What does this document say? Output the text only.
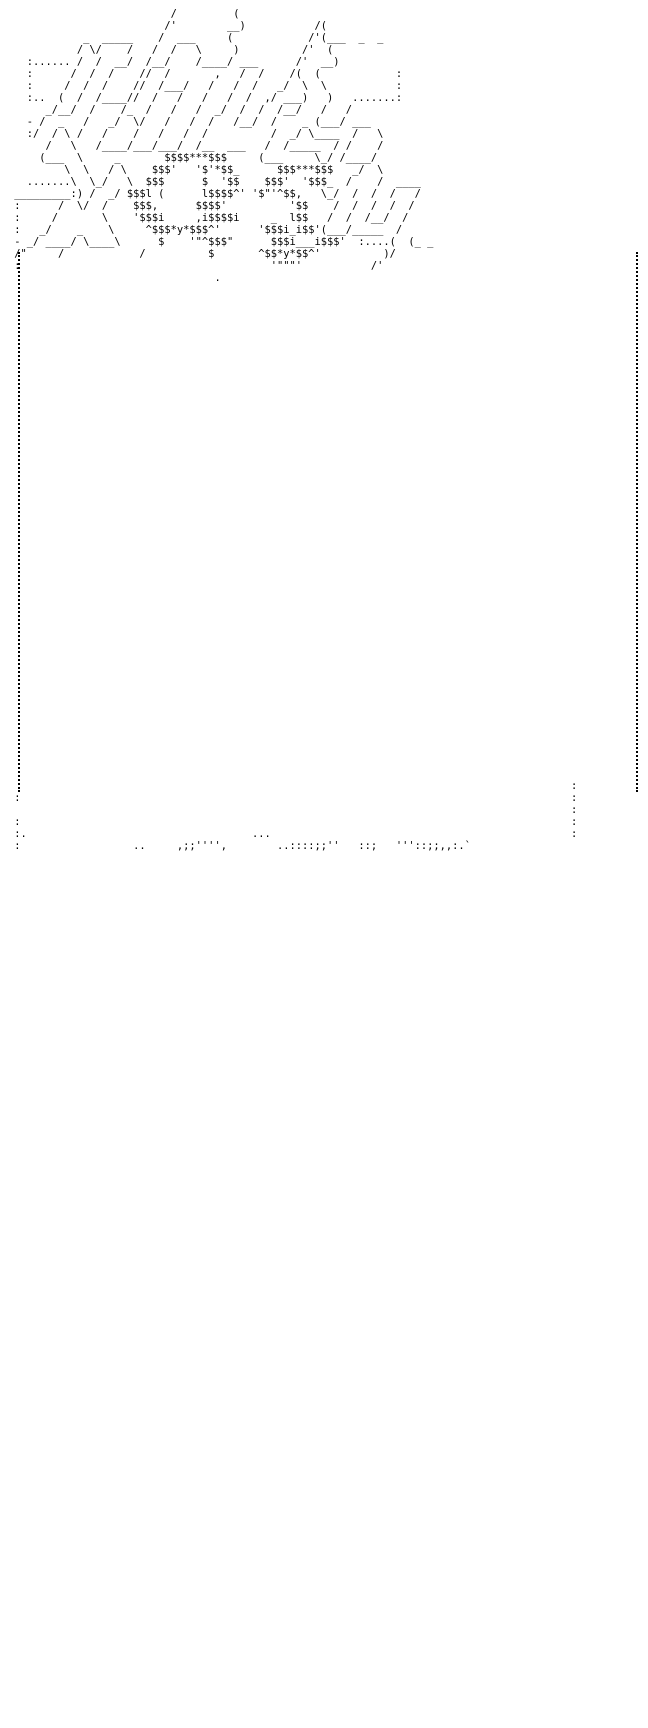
/         (
/'        __)           /(
_  _____    /  ___     (            /'(___  _  _
/ \/    /   /  /   \     )          /'  (
:...... /  /  __/  /__/    /____/ ___      /'  __)
:      /  /  /    //  /       ,   /  /    /(  (            :
:     /  /  /    //  /___/   /   /  /   _/  \  \           :
:..  (  /  /____//  /   /   /   /  /  ,/ ___)   )   .......:
_/__/  /    /_  /   /   /  _/  /  /  /__/   /   /
- /  _   /   _/  \/   /   /  /   /__/  /    _ (___/ ___
:/  / \ /   /    /   /   /  /          /  _/ \____  /   \
/   \   /____/___/___/  /__  ___   /  /_____  / /    /
(___  \     _       $$$$***$$$     (___     \_/ /____/
\  \   / \    $$$'   '$'*$$_      $$$***$$$   _/  \
.......\  \_/   \  $$$      $  '$$    $$$'  '$$$_  /    /  ____
_________:) /  _/ $$$l (      l$$$$^' '$"'^$$,   \_/  /  /  /   /
:      /  \/  /    $$$,      $$$$'          '$$    /  /  /  /  /
:     /       \    '$$$i     ,i$$$$i     _  l$$   /  /  /__/  /
:   _/    _    \     ^$$$*y*$$$^'      '$$$i_i$$'(___/_____  /
- _/ ____/ \____\      $    '"^$$$"      $$$i___i$$$'  :....(  (_ _
/"     /            /          $       ^$$*y*$$^'          )/
:                                        '"""'           /'
.

:
:                                                                                        :
:
:                                                                                        :
:.                                    ...                                                :
:                  ..     ,;;'''',        ..::::;;''   ::;   '''::;;,,:.`
